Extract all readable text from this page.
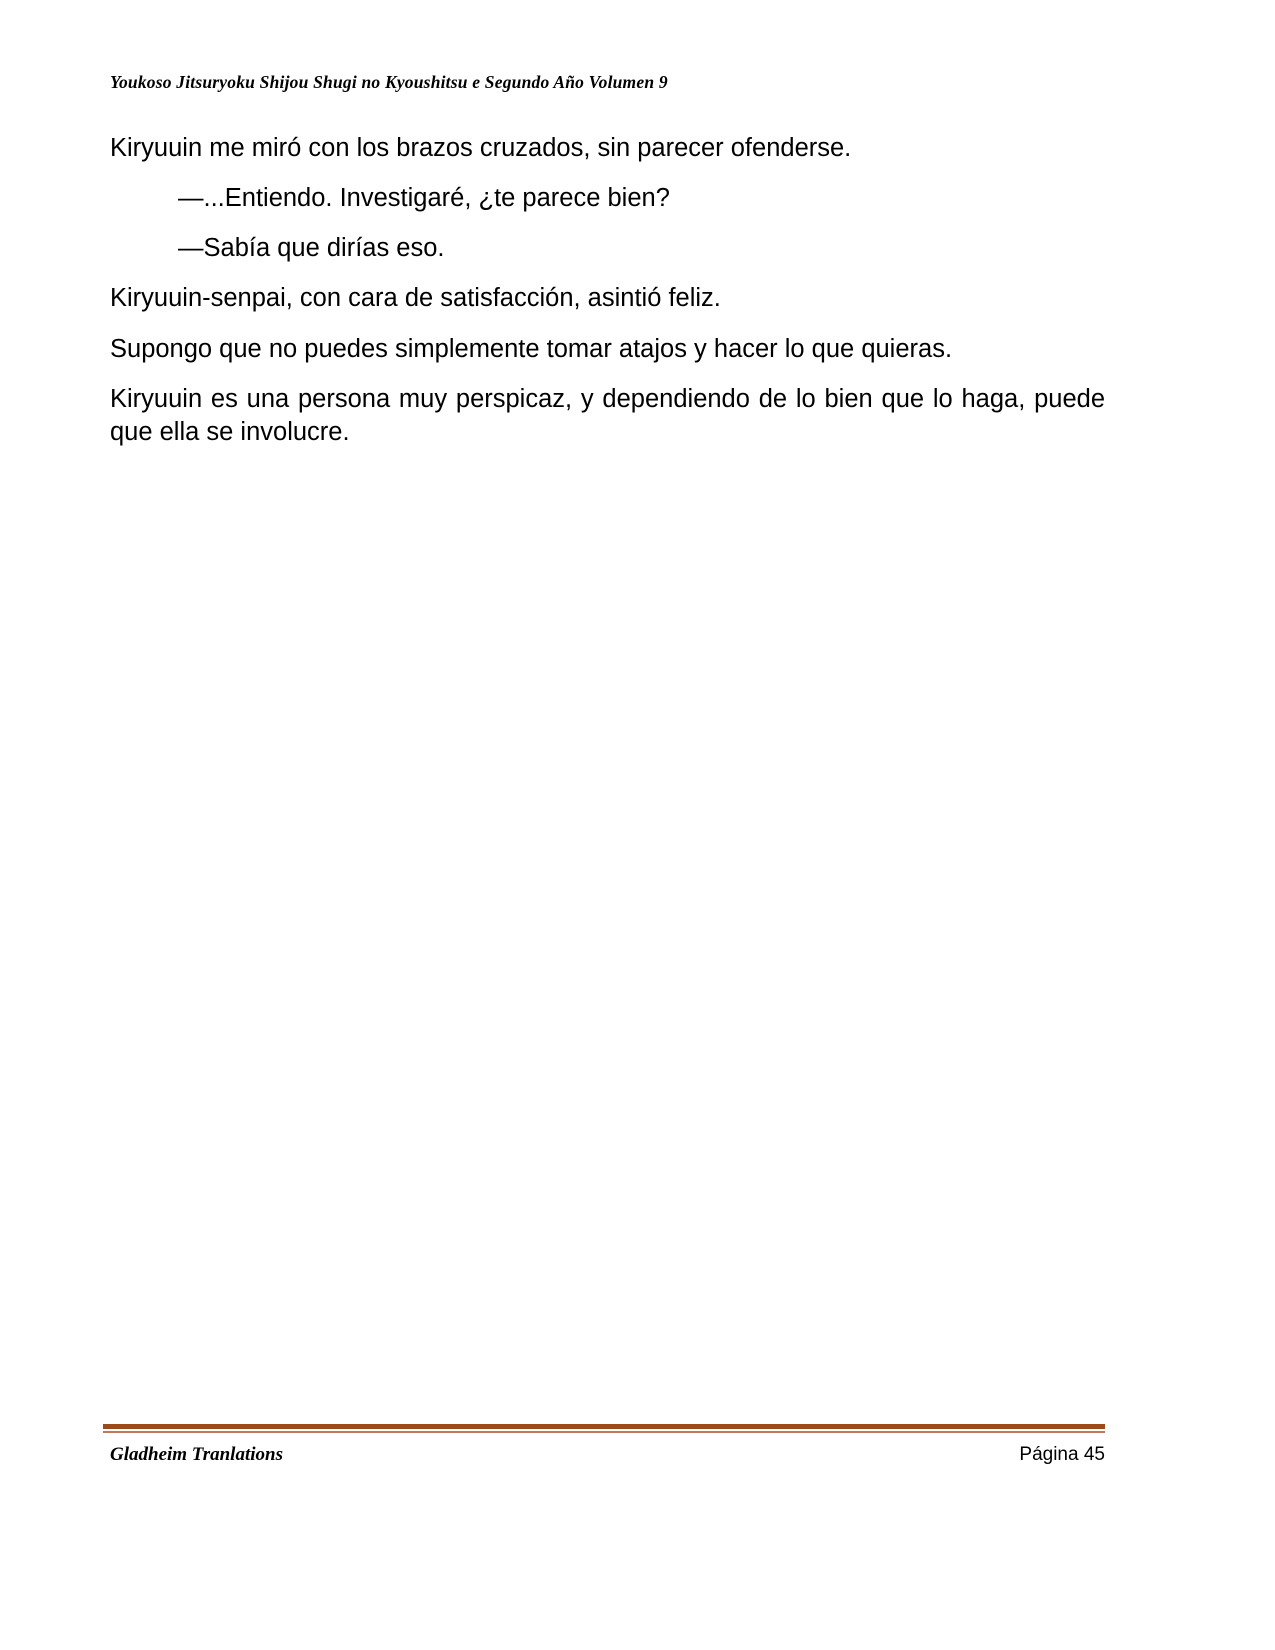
Youkoso Jitsuryoku Shijou Shugi no Kyoushitsu e Segundo Año Volumen 9

Kiryuuin me miró con los brazos cruzados, sin parecer ofenderse.

—...Entiendo. Investigaré, ¿te parece bien?

—Sabía que dirías eso.

Kiryuuin-senpai, con cara de satisfacción, asintió feliz.

Supongo que no puedes simplemente tomar atajos y hacer lo que quieras.

Kiryuuin es una persona muy perspicaz, y dependiendo de lo bien que lo haga, puede que ella se involucre.

Gladheim Tranlations	Página 45
